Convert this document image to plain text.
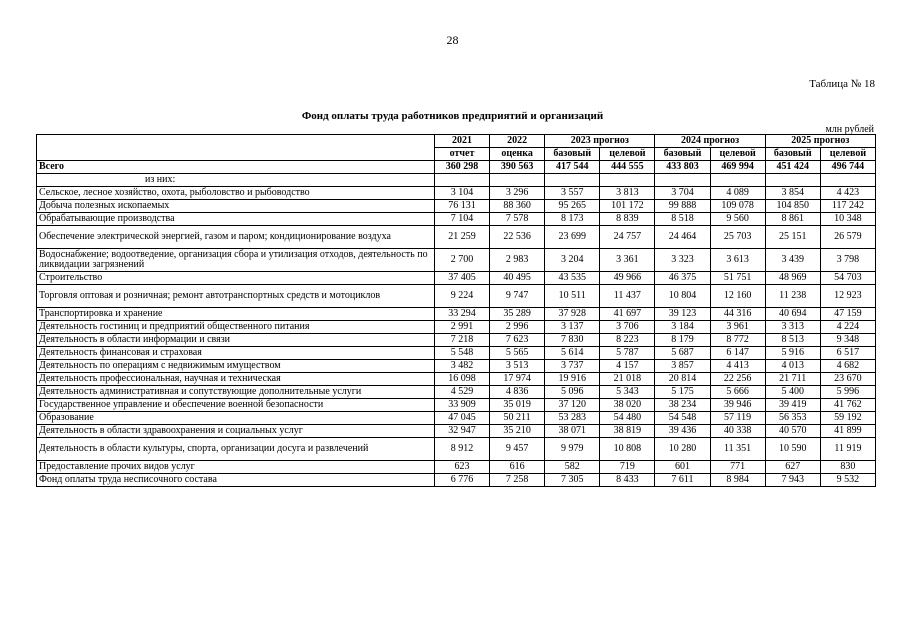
28
Таблица № 18
Фонд оплаты труда работников предприятий и организаций
млн рублей
	2021	2022	2023 прогноз		2024 прогноз		2025 прогноз	
	отчет	оценка	базовый	целевой	базовый	целевой	базовый	целевой
Всего	360 298	390 563	417 544	444 555	433 803	469 994	451 424	496 744
из них:								
Сельское, лесное хозяйство, охота, рыболовство и рыбоводство	3 104	3 296	3 557	3 813	3 704	4 089	3 854	4 423
Добыча полезных ископаемых	76 131	88 360	95 265	101 172	99 888	109 078	104 850	117 242
Обрабатывающие производства	7 104	7 578	8 173	8 839	8 518	9 560	8 861	10 348
Обеспечение электрической энергией, газом и паром; кондиционирование воздуха	21 259	22 536	23 699	24 757	24 464	25 703	25 151	26 579
Водоснабжение; водоотведение, организация сбора и утилизация отходов, деятельность по ликвидации загрязнений	2 700	2 983	3 204	3 361	3 323	3 613	3 439	3 798
Строительство	37 405	40 495	43 535	49 966	46 375	51 751	48 969	54 703
Торговля оптовая и розничная; ремонт автотранспортных средств и мотоциклов	9 224	9 747	10 511	11 437	10 804	12 160	11 238	12 923
Транспортировка и хранение	33 294	35 289	37 928	41 697	39 123	44 316	40 694	47 159
Деятельность гостиниц и предприятий общественного питания	2 991	2 996	3 137	3 706	3 184	3 961	3 313	4 224
Деятельность в области информации и связи	7 218	7 623	7 830	8 223	8 179	8 772	8 513	9 348
Деятельность финансовая и страховая	5 548	5 565	5 614	5 787	5 687	6 147	5 916	6 517
Деятельность по операциям с недвижимым имуществом	3 482	3 513	3 737	4 157	3 857	4 413	4 013	4 682
Деятельность профессиональная, научная и техническая	16 098	17 974	19 916	21 018	20 814	22 256	21 711	23 670
Деятельность административная и сопутствующие дополнительные услуги	4 529	4 836	5 096	5 343	5 175	5 666	5 400	5 996
Государственное управление и обеспечение военной безопасности	33 909	35 019	37 120	38 020	38 234	39 946	39 419	41 762
Образование	47 045	50 211	53 283	54 480	54 548	57 119	56 353	59 192
Деятельность в области здравоохранения и социальных услуг	32 947	35 210	38 071	38 819	39 436	40 338	40 570	41 899
Деятельность в области культуры, спорта, организации досуга и развлечений	8 912	9 457	9 979	10 808	10 280	11 351	10 590	11 919
Предоставление прочих видов услуг	623	616	582	719	601	771	627	830
Фонд оплаты труда несписочного состава	6 776	7 258	7 305	8 433	7 611	8 984	7 943	9 532
